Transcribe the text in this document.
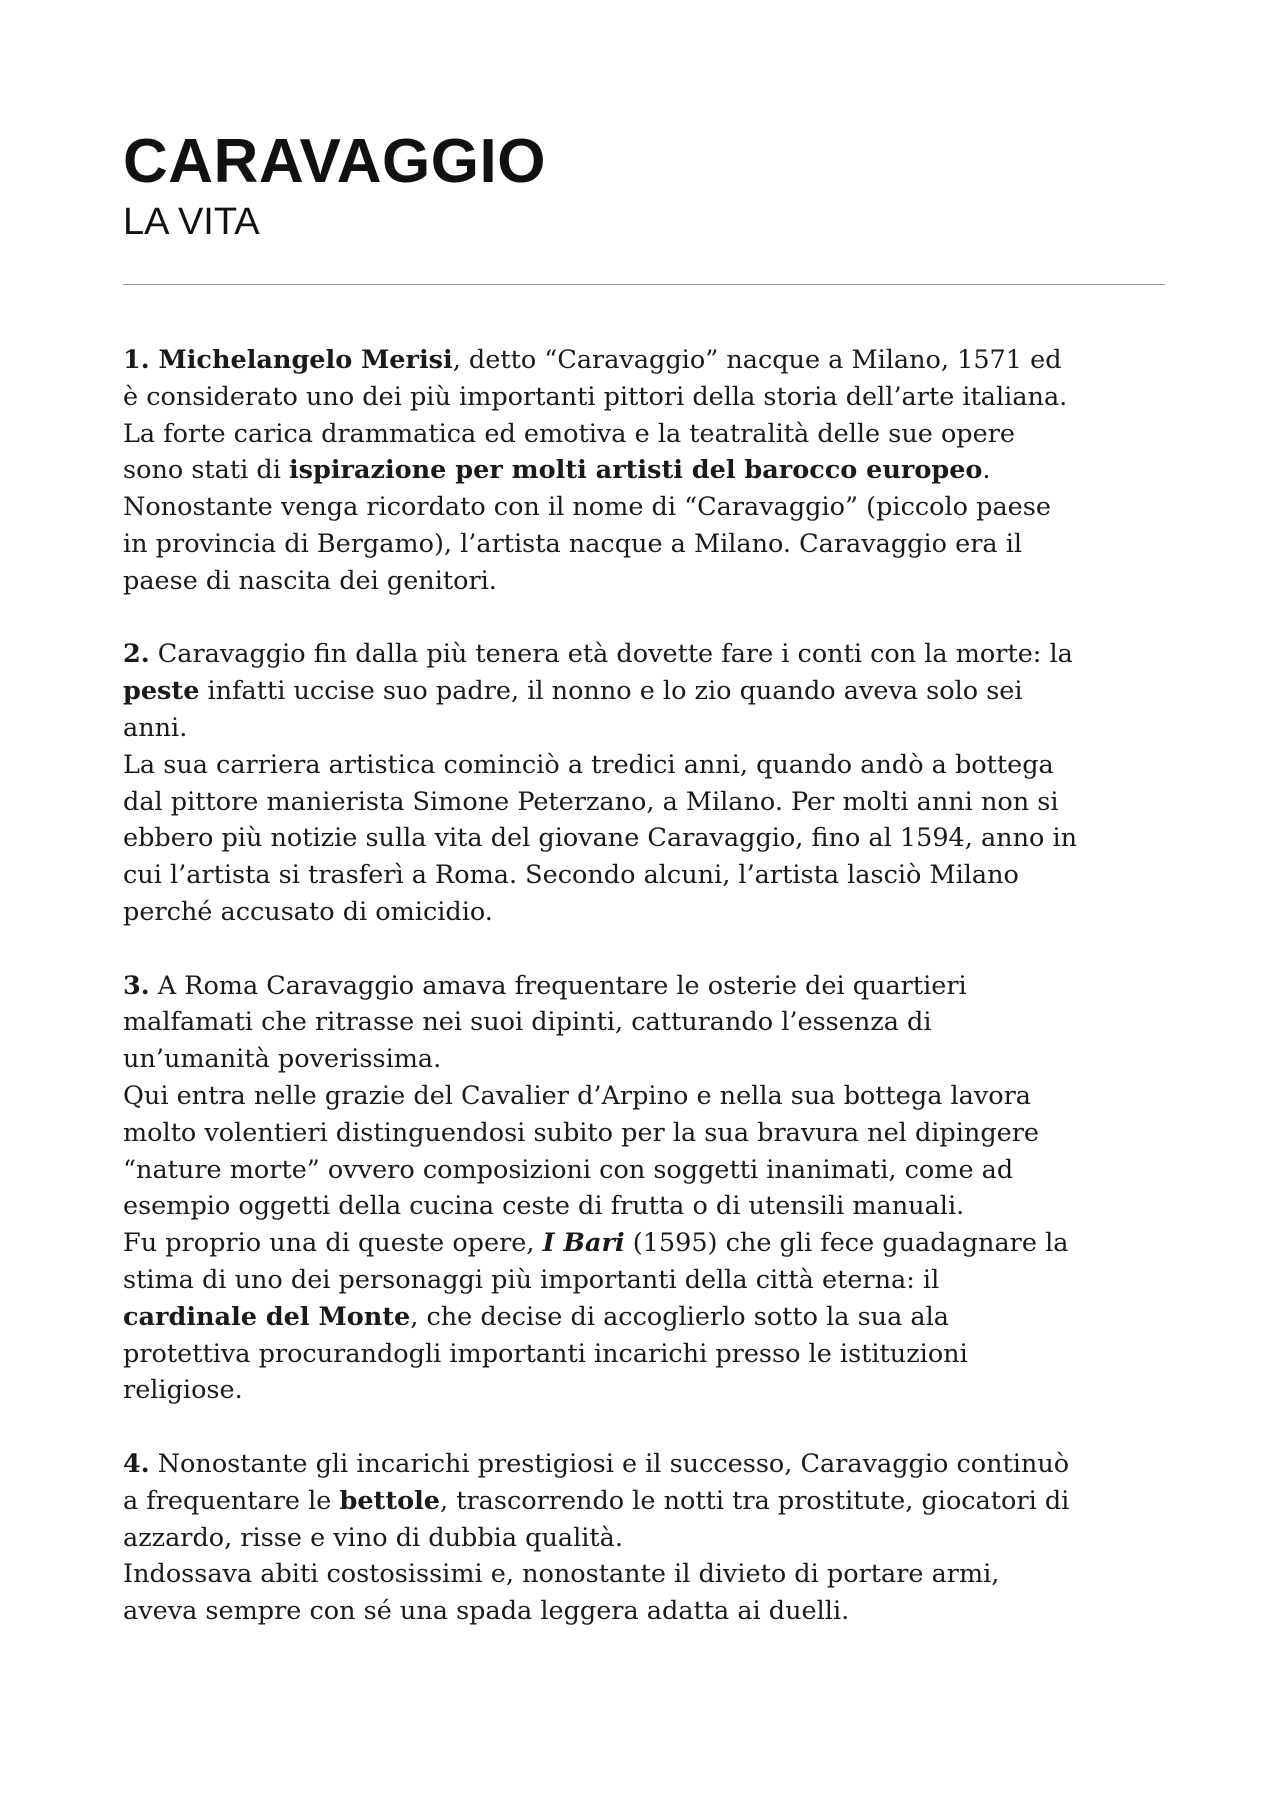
CARAVAGGIO
LA VITA
1. Michelangelo Merisi, detto “Caravaggio” nacque a Milano, 1571 ed
è considerato uno dei più importanti pittori della storia dell’arte italiana.
La forte carica drammatica ed emotiva e la teatralità delle sue opere
sono stati di ispirazione per molti artisti del barocco europeo.
Nonostante venga ricordato con il nome di “Caravaggio” (piccolo paese
in provincia di Bergamo), l’artista nacque a Milano. Caravaggio era il
paese di nascita dei genitori.
2. Caravaggio fin dalla più tenera età dovette fare i conti con la morte: la
peste infatti uccise suo padre, il nonno e lo zio quando aveva solo sei
anni.
La sua carriera artistica cominciò a tredici anni, quando andò a bottega
dal pittore manierista Simone Peterzano, a Milano. Per molti anni non si
ebbero più notizie sulla vita del giovane Caravaggio, fino al 1594, anno in
cui l’artista si trasferì a Roma. Secondo alcuni, l’artista lasciò Milano
perché accusato di omicidio.
3. A Roma Caravaggio amava frequentare le osterie dei quartieri
malfamati che ritrasse nei suoi dipinti, catturando l’essenza di
un’umanità poverissima.
Qui entra nelle grazie del Cavalier d’Arpino e nella sua bottega lavora
molto volentieri distinguendosi subito per la sua bravura nel dipingere
“nature morte” ovvero composizioni con soggetti inanimati, come ad
esempio oggetti della cucina ceste di frutta o di utensili manuali.
Fu proprio una di queste opere, I Bari (1595) che gli fece guadagnare la
stima di uno dei personaggi più importanti della città eterna: il
cardinale del Monte, che decise di accoglierlo sotto la sua ala
protettiva procurandogli importanti incarichi presso le istituzioni
religiose.
4. Nonostante gli incarichi prestigiosi e il successo, Caravaggio continuò
a frequentare le bettole, trascorrendo le notti tra prostitute, giocatori di
azzardo, risse e vino di dubbia qualità.
Indossava abiti costosissimi e, nonostante il divieto di portare armi,
aveva sempre con sé una spada leggera adatta ai duelli.
